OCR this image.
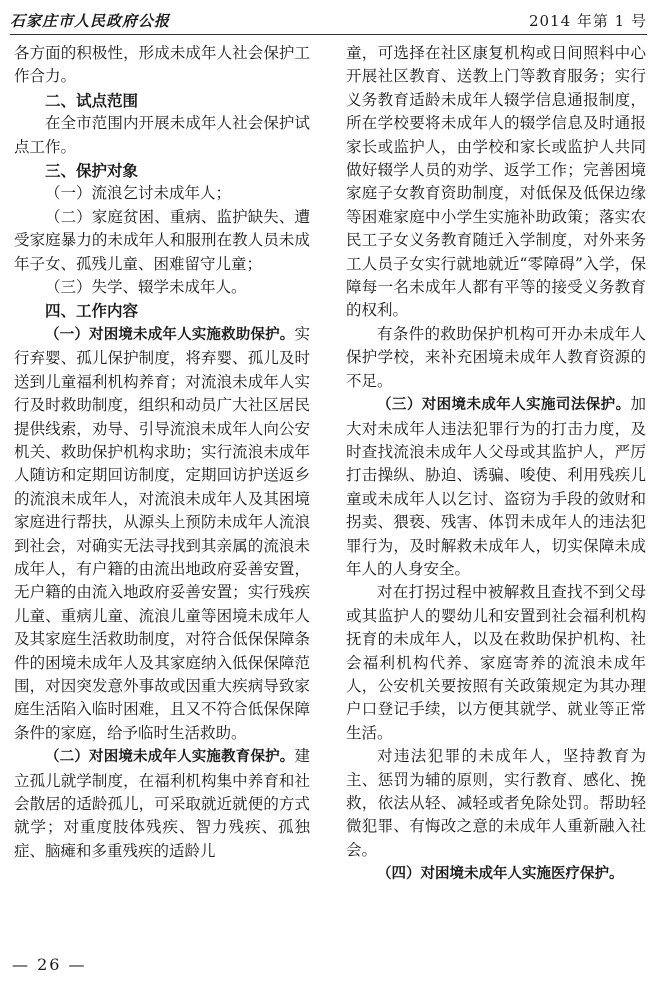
石家庄市人民政府公报	2014 年第 1 号

各方面的积极性，形成未成年人社会保护工作合力。

二、试点范围

在全市范围内开展未成年人社会保护试点工作。

三、保护对象

（一）流浪乞讨未成年人；

（二）家庭贫困、重病、监护缺失、遭受家庭暴力的未成年人和服刑在教人员未成年子女、孤残儿童、困难留守儿童；

（三）失学、辍学未成年人。

四、工作内容

（一）对困境未成年人实施救助保护。实行弃婴、孤儿保护制度，将弃婴、孤儿及时送到儿童福利机构养育；对流浪未成年人实行及时救助制度，组织和动员广大社区居民提供线索，劝导、引导流浪未成年人向公安机关、救助保护机构求助；实行流浪未成年人随访和定期回访制度，定期回访护送返乡的流浪未成年人，对流浪未成年人及其困境家庭进行帮扶，从源头上预防未成年人流浪到社会，对确实无法寻找到其亲属的流浪未成年人，有户籍的由流出地政府妥善安置，无户籍的由流入地政府妥善安置；实行残疾儿童、重病儿童、流浪儿童等困境未成年人及其家庭生活救助制度，对符合低保保障条件的困境未成年人及其家庭纳入低保保障范围，对因突发意外事故或因重大疾病导致家庭生活陷入临时困难，且又不符合低保保障条件的家庭，给予临时生活救助。

（二）对困境未成年人实施教育保护。建立孤儿就学制度，在福利机构集中养育和社会散居的适龄孤儿，可采取就近就便的方式就学；对重度肢体残疾、智力残疾、孤独症、脑瘫和多重残疾的适龄儿

童，可选择在社区康复机构或日间照料中心开展社区教育、送教上门等教育服务；实行义务教育适龄未成年人辍学信息通报制度，所在学校要将未成年人的辍学信息及时通报家长或监护人，由学校和家长或监护人共同做好辍学人员的劝学、返学工作；完善困境家庭子女教育资助制度，对低保及低保边缘等困难家庭中小学生实施补助政策；落实农民工子女义务教育随迁入学制度，对外来务工人员子女实行就地就近“零障碍”入学，保障每一名未成年人都有平等的接受义务教育的权利。

有条件的救助保护机构可开办未成年人保护学校，来补充困境未成年人教育资源的不足。

（三）对困境未成年人实施司法保护。加大对未成年人违法犯罪行为的打击力度，及时查找流浪未成年人父母或其监护人，严厉打击操纵、胁迫、诱骗、唆使、利用残疾儿童或未成年人以乞讨、盗窃为手段的敛财和拐卖、猥亵、残害、体罚未成年人的违法犯罪行为，及时解救未成年人，切实保障未成年人的人身安全。

对在打拐过程中被解救且查找不到父母或其监护人的婴幼儿和安置到社会福利机构抚育的未成年人，以及在救助保护机构、社会福利机构代养、家庭寄养的流浪未成年人，公安机关要按照有关政策规定为其办理户口登记手续，以方便其就学、就业等正常生活。

对违法犯罪的未成年人，坚持教育为主、惩罚为辅的原则，实行教育、感化、挽救，依法从轻、减轻或者免除处罚。帮助轻微犯罪、有悔改之意的未成年人重新融入社会。

（四）对困境未成年人实施医疗保护。

— 26 —
